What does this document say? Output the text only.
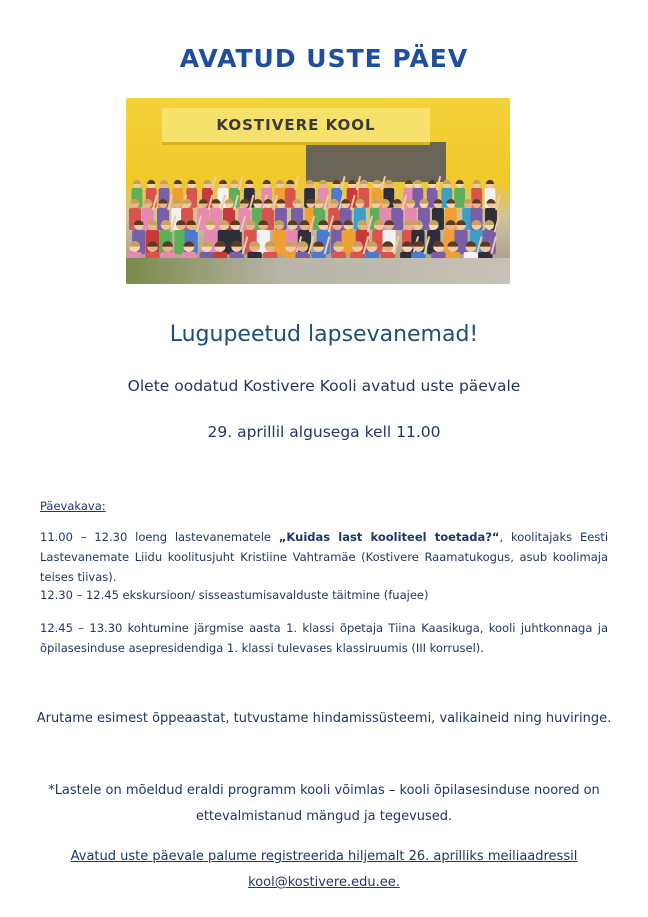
AVATUD USTE PÄEV
KOSTIVERE KOOL
Lugupeetud lapsevanemad!
Olete oodatud Kostivere Kooli avatud uste päevale
29. aprillil algusega kell 11.00
Päevakava:
11.00 – 12.30 loeng lastevanematele „Kuidas last kooliteel toetada?“, koolitajaks Eesti Lastevanemate Liidu koolitusjuht Kristiine Vahtramäe (Kostivere Raamatukogus, asub koolimaja teises tiivas).
12.30 – 12.45 ekskursioon/ sisseastumisavalduste täitmine (fuajee)
12.45 – 13.30 kohtumine järgmise aasta 1. klassi õpetaja Tiina Kaasikuga, kooli juhtkonnaga ja õpilasesinduse asepresidendiga 1. klassi tulevases klassiruumis (III korrusel).
Arutame esimest õppeaastat, tutvustame hindamissüsteemi, valikaineid ning huviringe.
*Lastele on mõeldud eraldi programm kooli võimlas – kooli õpilasesinduse noored on
ettevalmistanud mängud ja tegevused.
Avatud uste päevale palume registreerida hiljemalt 26. aprilliks meiliaadressil
kool@kostivere.edu.ee.
